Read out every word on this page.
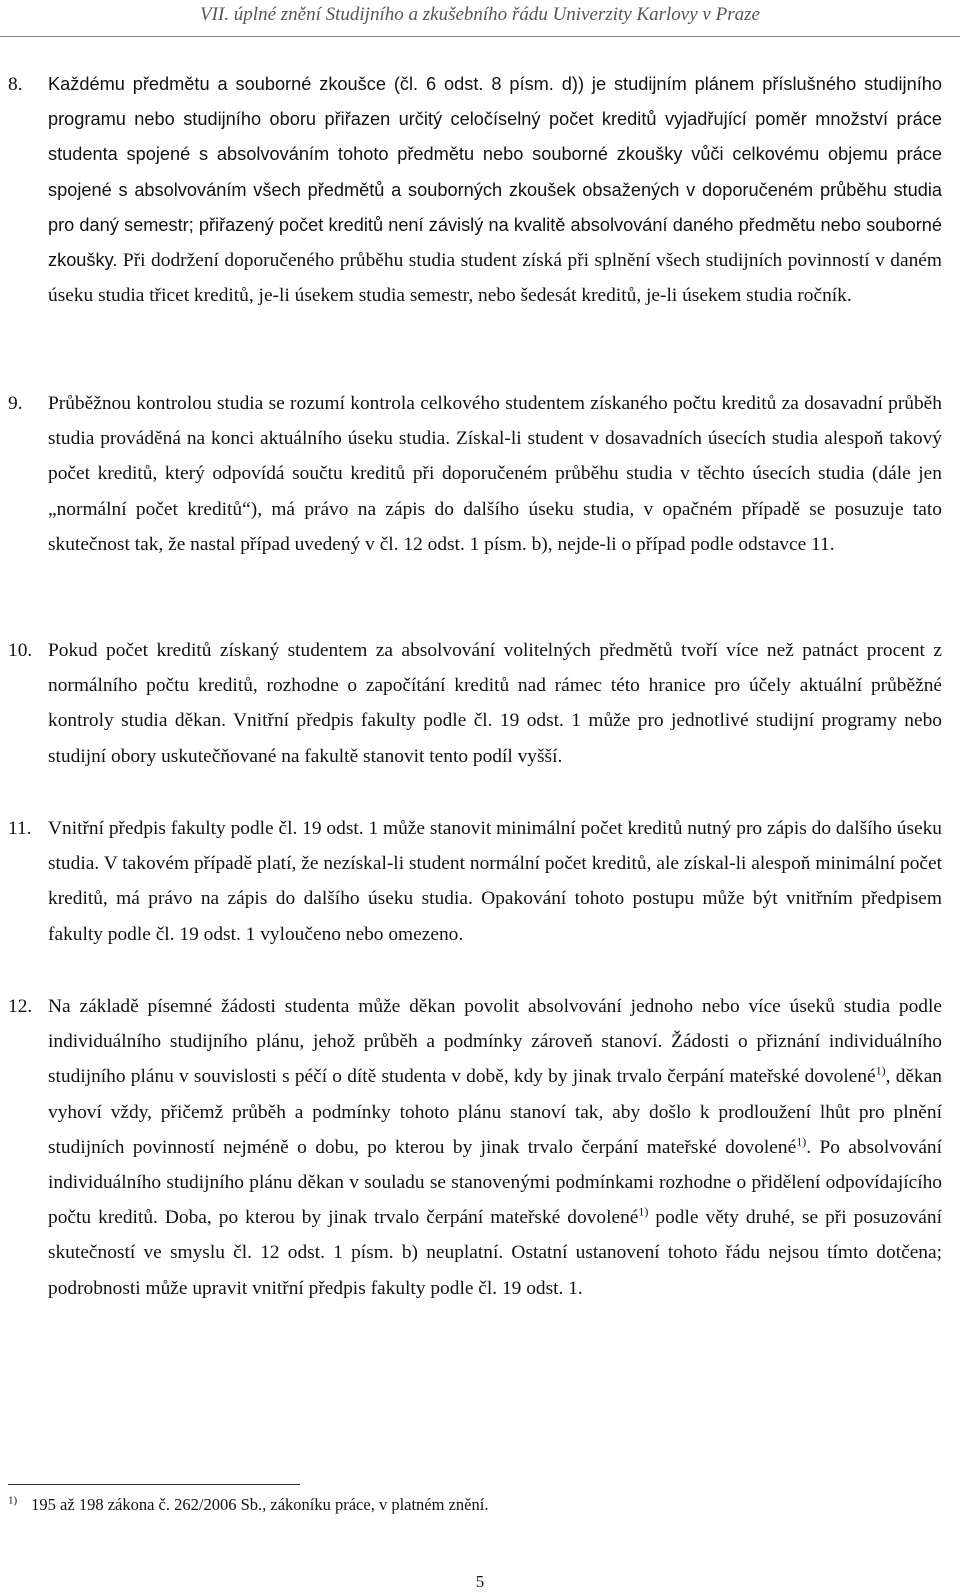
VII. úplné znění Studijního a zkušebního řádu Univerzity Karlovy v Praze
8. Každému předmětu a souborné zkoušce (čl. 6 odst. 8 písm. d)) je studijním plánem příslušného studijního programu nebo studijního oboru přiřazen určitý celočíselný počet kreditů vyjadřující poměr množství práce studenta spojené s absolvováním tohoto předmětu nebo souborné zkoušky vůči celkovému objemu práce spojené s absolvováním všech předmětů a souborných zkoušek obsažených v doporučeném průběhu studia pro daný semestr; přiřazený počet kreditů není závislý na kvalitě absolvování daného předmětu nebo souborné zkoušky. Při dodržení doporučeného průběhu studia student získá při splnění všech studijních povinností v daném úseku studia třicet kreditů, je-li úsekem studia semestr, nebo šedesát kreditů, je-li úsekem studia ročník.
9. Průběžnou kontrolou studia se rozumí kontrola celkového studentem získaného počtu kreditů za dosavadní průběh studia prováděná na konci aktuálního úseku studia. Získal-li student v dosavadních úsecích studia alespoň takový počet kreditů, který odpovídá součtu kreditů při doporučeném průběhu studia v těchto úsecích studia (dále jen „normální počet kreditů“), má právo na zápis do dalšího úseku studia, v opačném případě se posuzuje tato skutečnost tak, že nastal případ uvedený v čl. 12 odst. 1 písm. b), nejde-li o případ podle odstavce 11.
10. Pokud počet kreditů získaný studentem za absolvování volitelných předmětů tvoří více než patnáct procent z normálního počtu kreditů, rozhodne o započítání kreditů nad rámec této hranice pro účely aktuální průběžné kontroly studia děkan. Vnitřní předpis fakulty podle čl. 19 odst. 1 může pro jednotlivé studijní programy nebo studijní obory uskutečňované na fakultě stanovit tento podíl vyšší.
11. Vnitřní předpis fakulty podle čl. 19 odst. 1 může stanovit minimální počet kreditů nutný pro zápis do dalšího úseku studia. V takovém případě platí, že nezískal-li student normální počet kreditů, ale získal-li alespoň minimální počet kreditů, má právo na zápis do dalšího úseku studia. Opakování tohoto postupu může být vnitřním předpisem fakulty podle čl. 19 odst. 1 vyloučeno nebo omezeno.
12. Na základě písemné žádosti studenta může děkan povolit absolvování jednoho nebo více úseků studia podle individuálního studijního plánu, jehož průběh a podmínky zároveň stanoví. Žádosti o přiznání individuálního studijního plánu v souvislosti s péčí o dítě studenta v době, kdy by jinak trvalo čerpání mateřské dovolené$^{1)}$, děkan vyhoví vždy, přičemž průběh a podmínky tohoto plánu stanoví tak, aby došlo k prodloužení lhůt pro plnění studijních povinností nejméně o dobu, po kterou by jinak trvalo čerpání mateřské dovolené$^{1)}$. Po absolvování individuálního studijního plánu děkan v souladu se stanovenými podmínkami rozhodne o přidělení odpovídajícího počtu kreditů. Doba, po kterou by jinak trvalo čerpání mateřské dovolené$^{1)}$ podle věty druhé, se při posuzování skutečností ve smyslu čl. 12 odst. 1 písm. b) neuplatní. Ostatní ustanovení tohoto řádu nejsou tímto dotčena; podrobnosti může upravit vnitřní předpis fakulty podle čl. 19 odst. 1.
$^{1)}$ 195 až 198 zákona č. 262/2006 Sb., zákoníku práce, v platném znění.
5
